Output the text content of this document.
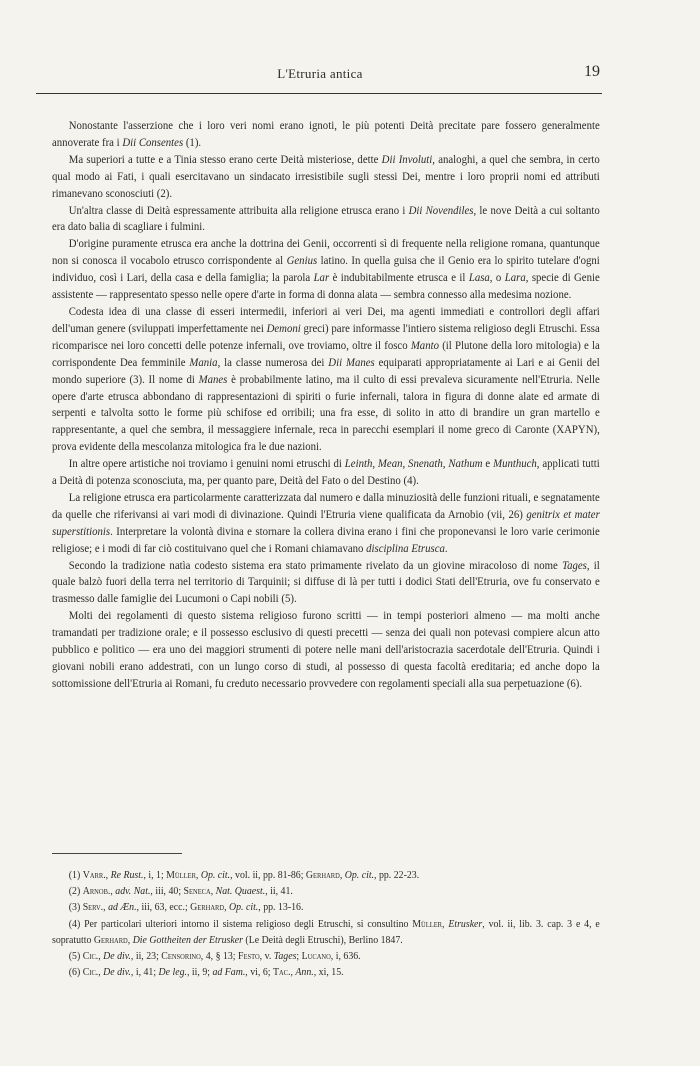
L'Etruria antica	19

Nonostante l'asserzione che i loro veri nomi erano ignoti, le più potenti Deità precitate pare fossero generalmente annoverate fra i Dii Consentes (1).

Ma superiori a tutte e a Tinia stesso erano certe Deità misteriose, dette Dii Involuti, analoghi, a quel che sembra, in certo qual modo ai Fati, i quali esercitavano un sindacato irresistibile sugli stessi Dei, mentre i loro proprii nomi ed attributi rimanevano sconosciuti (2).

Un'altra classe di Deità espressamente attribuita alla religione etrusca erano i Dii Novendiles, le nove Deità a cui soltanto era dato balia di scagliare i fulmini.

D'origine puramente etrusca era anche la dottrina dei Genii, occorrenti sì di frequente nella religione romana, quantunque non si conosca il vocabolo etrusco corrispondente al Genius latino. In quella guisa che il Genio era lo spirito tutelare d'ogni individuo, così i Lari, della casa e della famiglia; la parola Lar è indubitabilmente etrusca e il Lasa, o Lara, specie di Genie assistente — rappresentato spesso nelle opere d'arte in forma di donna alata — sembra connesso alla medesima nozione.

Codesta idea di una classe di esseri intermedii, inferiori ai veri Dei, ma agenti immediati e controllori degli affari dell'uman genere (sviluppati imperfettamente nei Demoni greci) pare informasse l'intiero sistema religioso degli Etruschi. Essa ricomparisce nei loro concetti delle potenze infernali, ove troviamo, oltre il fosco Manto (il Plutone della loro mitologia) e la corrispondente Dea femminile Mania, la classe numerosa dei Dii Manes equiparati appropriatamente ai Lari e ai Genii del mondo superiore (3). Il nome di Manes è probabilmente latino, ma il culto di essi prevaleva sicuramente nell'Etruria. Nelle opere d'arte etrusca abbondano di rappresentazioni di spiriti o furie infernali, talora in figura di donne alate ed armate di serpenti e talvolta sotto le forme più schifose ed orribili; una fra esse, di solito in atto di brandire un gran martello e rappresentante, a quel che sembra, il messaggiere infernale, reca in parecchi esemplari il nome greco di Caronte (XAPYN), prova evidente della mescolanza mitologica fra le due nazioni.

In altre opere artistiche noi troviamo i genuini nomi etruschi di Leinth, Mean, Snenath, Nathum e Munthuch, applicati tutti a Deità di potenza sconosciuta, ma, per quanto pare, Deità del Fato o del Destino (4).

La religione etrusca era particolarmente caratterizzata dal numero e dalla minuziosità delle funzioni rituali, e segnatamente da quelle che riferivansi ai vari modi di divinazione. Quindi l'Etruria viene qualificata da Arnobio (vii, 26) genitrix et mater superstitionis. Interpretare la volontà divina e stornare la collera divina erano i fini che proponevansi le loro varie cerimonie religiose; e i modi di far ciò costituivano quel che i Romani chiamavano disciplina Etrusca.

Secondo la tradizione natìa codesto sistema era stato primamente rivelato da un giovine miracoloso di nome Tages, il quale balzò fuori della terra nel territorio di Tarquinii; si diffuse di là per tutti i dodici Stati dell'Etruria, ove fu conservato e trasmesso dalle famiglie dei Lucumoni o Capi nobili (5).

Molti dei regolamenti di questo sistema religioso furono scritti — in tempi posteriori almeno — ma molti anche tramandati per tradizione orale; e il possesso esclusivo di questi precetti — senza dei quali non potevasi compiere alcun atto pubblico e politico — era uno dei maggiori strumenti di potere nelle mani dell'aristocrazia sacerdotale dell'Etruria. Quindi i giovani nobili erano addestrati, con un lungo corso di studi, al possesso di questa facoltà ereditaria; ed anche dopo la sottomissione dell'Etruria ai Romani, fu creduto necessario provvedere con regolamenti speciali alla sua perpetuazione (6).

(1) Varr., Re Rust., i, 1; Müller, Op. cit., vol. ii, pp. 81-86; Gerhard, Op. cit., pp. 22-23.

(2) Arnob., adv. Nat., iii, 40; Seneca, Nat. Quaest., ii, 41.

(3) Serv., ad Æn., iii, 63, ecc.; Gerhard, Op. cit., pp. 13-16.

(4) Per particolari ulteriori intorno il sistema religioso degli Etruschi, si consultino Müller, Etrusker, vol. ii, lib. 3. cap. 3 e 4, e sopratutto Gerhard, Die Gottheiten der Etrusker (Le Deità degli Etruschi), Berlino 1847.

(5) Cic., De div., ii, 23; Censorino, 4, § 13; Festo, v. Tages; Lucano, i, 636.

(6) Cic., De div., i, 41; De leg., ii, 9; ad Fam., vi, 6; Tac., Ann., xi, 15.
